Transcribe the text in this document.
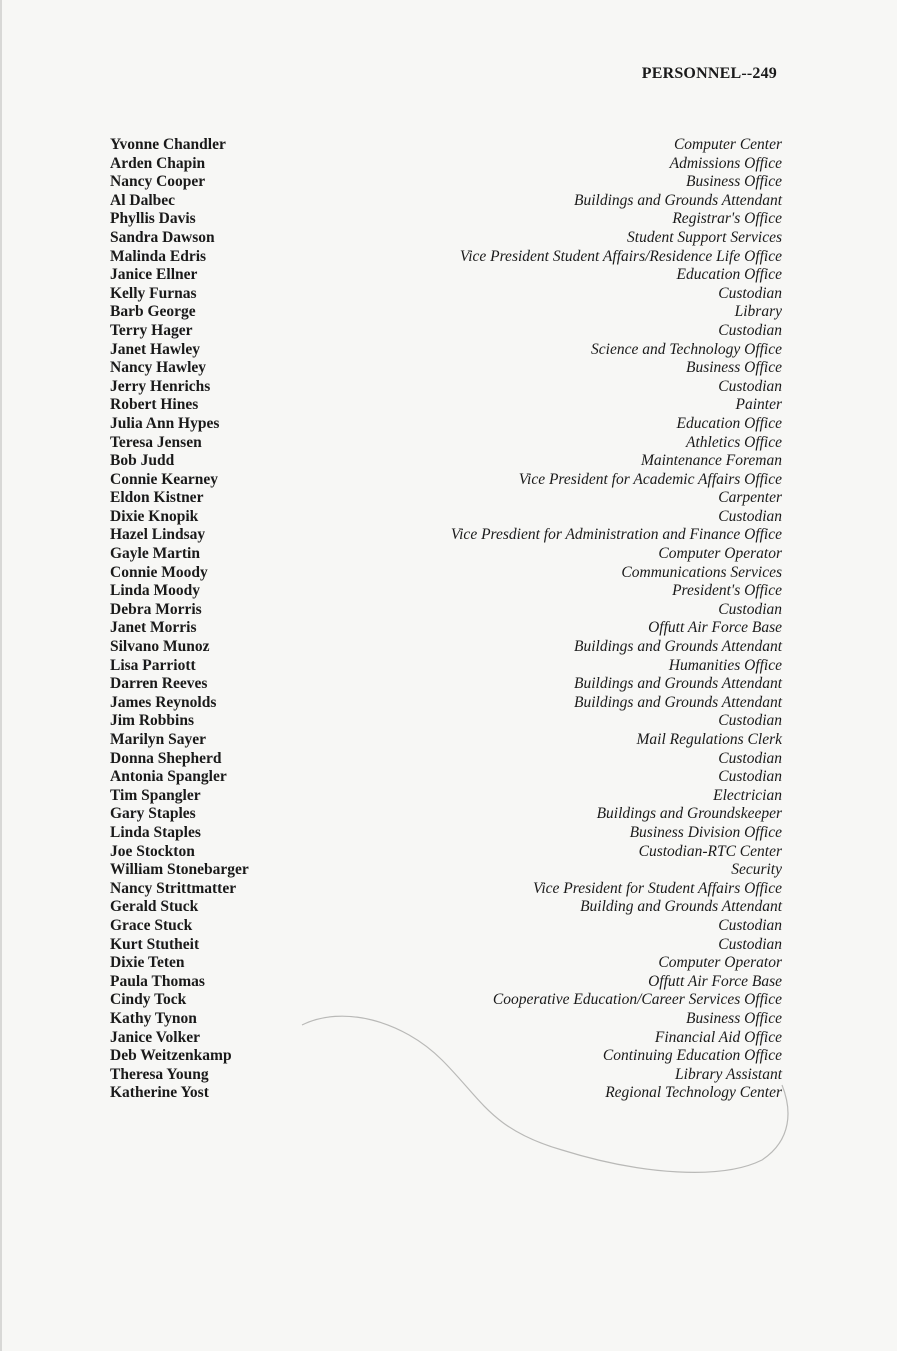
PERSONNEL--249
Yvonne Chandler	Computer Center
Arden Chapin	Admissions Office
Nancy Cooper	Business Office
Al Dalbec	Buildings and Grounds Attendant
Phyllis Davis	Registrar's Office
Sandra Dawson	Student Support Services
Malinda Edris	Vice President Student Affairs/Residence Life Office
Janice Ellner	Education Office
Kelly Furnas	Custodian
Barb George	Library
Terry Hager	Custodian
Janet Hawley	Science and Technology Office
Nancy Hawley	Business Office
Jerry Henrichs	Custodian
Robert Hines	Painter
Julia Ann Hypes	Education Office
Teresa Jensen	Athletics Office
Bob Judd	Maintenance Foreman
Connie Kearney	Vice President for Academic Affairs Office
Eldon Kistner	Carpenter
Dixie Knopik	Custodian
Hazel Lindsay	Vice Presdient for Administration and Finance Office
Gayle Martin	Computer Operator
Connie Moody	Communications Services
Linda Moody	President's Office
Debra Morris	Custodian
Janet Morris	Offutt Air Force Base
Silvano Munoz	Buildings and Grounds Attendant
Lisa Parriott	Humanities Office
Darren Reeves	Buildings and Grounds Attendant
James Reynolds	Buildings and Grounds Attendant
Jim Robbins	Custodian
Marilyn Sayer	Mail Regulations Clerk
Donna Shepherd	Custodian
Antonia Spangler	Custodian
Tim Spangler	Electrician
Gary Staples	Buildings and Groundskeeper
Linda Staples	Business Division Office
Joe Stockton	Custodian-RTC Center
William Stonebarger	Security
Nancy Strittmatter	Vice President for Student Affairs Office
Gerald Stuck	Building and Grounds Attendant
Grace Stuck	Custodian
Kurt Stutheit	Custodian
Dixie Teten	Computer Operator
Paula Thomas	Offutt Air Force Base
Cindy Tock	Cooperative Education/Career Services Office
Kathy Tynon	Business Office
Janice Volker	Financial Aid Office
Deb Weitzenkamp	Continuing Education Office
Theresa Young	Library Assistant
Katherine Yost	Regional Technology Center
